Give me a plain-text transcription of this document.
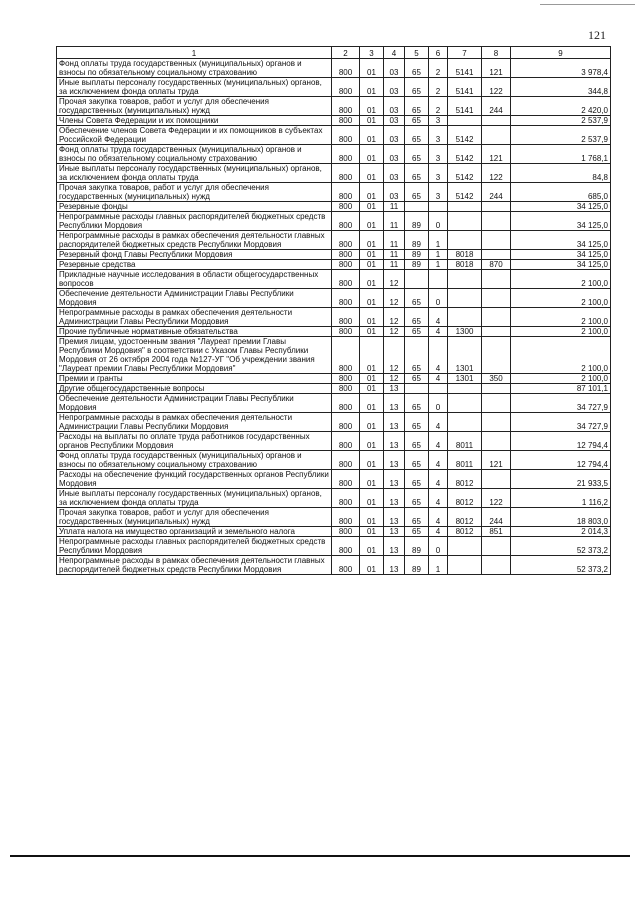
121
1	2	3	4	5	6	7	8	9
Фонд оплаты труда государственных (муниципальных) органов и взносы по обязательному социальному страхованию	800	01	03	65	2	5141	121	3 978,4
Иные выплаты персоналу государственных (муниципальных) органов, за исключением фонда оплаты труда	800	01	03	65	2	5141	122	344,8
Прочая закупка товаров, работ и услуг для обеспечения государственных (муниципальных) нужд	800	01	03	65	2	5141	244	2 420,0
Члены Совета Федерации и их помощники	800	01	03	65	3			2 537,9
Обеспечение членов Совета Федерации и их помощников в субъектах Российской Федерации	800	01	03	65	3	5142		2 537,9
Фонд оплаты труда государственных (муниципальных) органов и взносы по обязательному социальному страхованию	800	01	03	65	3	5142	121	1 768,1
Иные выплаты персоналу государственных (муниципальных) органов, за исключением фонда оплаты труда	800	01	03	65	3	5142	122	84,8
Прочая закупка товаров, работ и услуг для обеспечения государственных (муниципальных) нужд	800	01	03	65	3	5142	244	685,0
Резервные фонды	800	01	11					34 125,0
Непрограммные расходы главных распорядителей бюджетных средств Республики Мордовия	800	01	11	89	0			34 125,0
Непрограммные расходы в рамках обеспечения деятельности главных распорядителей бюджетных средств Республики Мордовия	800	01	11	89	1			34 125,0
Резервный фонд Главы Республики Мордовия	800	01	11	89	1	8018		34 125,0
Резервные средства	800	01	11	89	1	8018	870	34 125,0
Прикладные научные исследования в области общегосударственных вопросов	800	01	12					2 100,0
Обеспечение деятельности Администрации Главы Республики Мордовия	800	01	12	65	0			2 100,0
Непрограммные расходы в рамках обеспечения деятельности Администрации Главы Республики Мордовия	800	01	12	65	4			2 100,0
Прочие публичные нормативные обязательства	800	01	12	65	4	1300		2 100,0
Премия лицам, удостоенным звания "Лауреат премии Главы Республики Мордовия" в соответствии с Указом Главы Республики Мордовия от 26 октября 2004 года №127-УГ "Об учреждении звания "Лауреат премии Главы Республики Мордовия"	800	01	12	65	4	1301		2 100,0
Премии и гранты	800	01	12	65	4	1301	350	2 100,0
Другие общегосударственные вопросы	800	01	13					87 101,1
Обеспечение деятельности Администрации Главы Республики Мордовия	800	01	13	65	0			34 727,9
Непрограммные расходы в рамках обеспечения деятельности Администрации Главы Республики Мордовия	800	01	13	65	4			34 727,9
Расходы на выплаты по оплате труда работников государственных органов Республики Мордовия	800	01	13	65	4	8011		12 794,4
Фонд оплаты труда государственных (муниципальных) органов и взносы по обязательному социальному страхованию	800	01	13	65	4	8011	121	12 794,4
Расходы на обеспечение функций государственных органов Республики Мордовия	800	01	13	65	4	8012		21 933,5
Иные выплаты персоналу государственных (муниципальных) органов, за исключением фонда оплаты труда	800	01	13	65	4	8012	122	1 116,2
Прочая закупка товаров, работ и услуг для обеспечения государственных (муниципальных) нужд	800	01	13	65	4	8012	244	18 803,0
Уплата налога на имущество организаций и земельного налога	800	01	13	65	4	8012	851	2 014,3
Непрограммные расходы главных распорядителей бюджетных средств Республики Мордовия	800	01	13	89	0			52 373,2
Непрограммные расходы в рамках обеспечения деятельности главных распорядителей бюджетных средств Республики Мордовия	800	01	13	89	1			52 373,2
